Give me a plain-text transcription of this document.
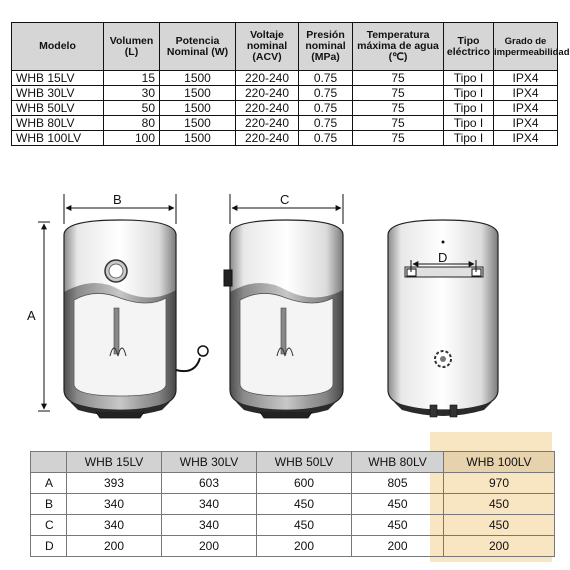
Modelo	Volumen (L)	Potencia Nominal (W)	Voltaje nominal (ACV)	Presión nominal (MPa)	Temperatura máxima de agua (℃)	Tipo eléctrico	Grado de impermeabilidad
WHB 15LV	15	1500	220-240	0.75	75	Tipo I	IPX4
WHB 30LV	30	1500	220-240	0.75	75	Tipo I	IPX4
WHB 50LV	50	1500	220-240	0.75	75	Tipo I	IPX4
WHB 80LV	80	1500	220-240	0.75	75	Tipo I	IPX4
WHB 100LV	100	1500	220-240	0.75	75	Tipo I	IPX4
A
B	C
D
	WHB 15LV	WHB 30LV	WHB 50LV	WHB 80LV	WHB 100LV
A	393	603	600	805	970
B	340	340	450	450	450
C	340	340	450	450	450
D	200	200	200	200	200
